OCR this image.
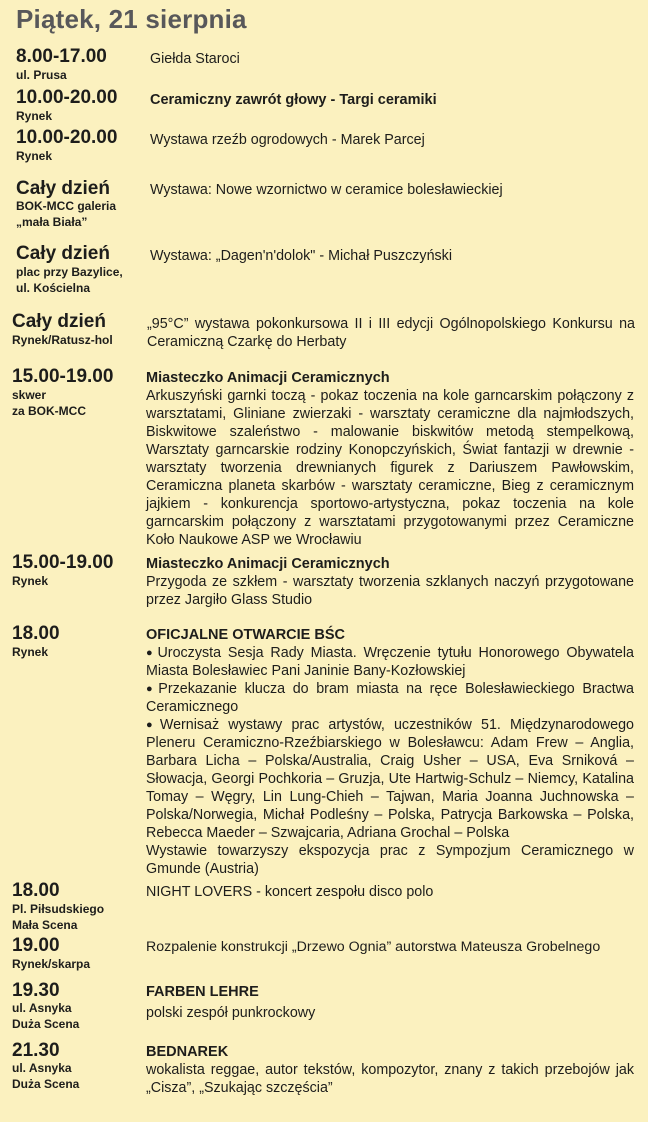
Piątek, 21 sierpnia
8.00-17.00
ul. Prusa
Giełda Staroci
10.00-20.00
Rynek
Ceramiczny zawrót głowy - Targi ceramiki
10.00-20.00
Rynek
Wystawa rzeźb ogrodowych - Marek Parcej
Cały dzień
BOK-MCC galeria
„mała Biała”
Wystawa: Nowe wzornictwo w ceramice bolesławieckiej
Cały dzień
plac przy Bazylice,
ul. Kościelna
Wystawa: „Dagen'n'dolok" - Michał Puszczyński
Cały dzień
Rynek/Ratusz-hol
„95°C” wystawa pokonkursowa II i III edycji Ogólnopolskiego Konkursu na Ceramiczną Czarkę do Herbaty
15.00-19.00
skwer
za BOK-MCC
Miasteczko Animacji Ceramicznych
Arkuszyński garnki toczą - pokaz toczenia na kole garncarskim połączony z warsztatami, Gliniane zwierzaki - warsztaty ceramiczne dla najmłodszych, Biskwitowe szaleństwo - malowanie biskwitów metodą stempelkową, Warsztaty garncarskie rodziny Konopczyńskich, Świat fantazji w drewnie - warsztaty tworzenia drewnianych figurek z Dariuszem Pawłowskim, Ceramiczna planeta skarbów - warsztaty ceramiczne, Bieg z ceramicznym jajkiem - konkurencja sportowo-artystyczna, pokaz toczenia na kole garncarskim połączony z warsztatami przygotowanymi przez Ceramiczne Koło Naukowe ASP we Wrocławiu
15.00-19.00
Rynek
Miasteczko Animacji Ceramicznych
Przygoda ze szkłem - warsztaty tworzenia szklanych naczyń przygotowane przez Jargiło Glass Studio
18.00
Rynek
OFICJALNE OTWARCIE BŚC
● Uroczysta Sesja Rady Miasta. Wręczenie tytułu Honorowego Obywatela Miasta Bolesławiec Pani Janinie Bany-Kozłowskiej
● Przekazanie klucza do bram miasta na ręce Bolesławieckiego Bractwa Ceramicznego
● Wernisaż wystawy prac artystów, uczestników 51. Międzynarodowego Pleneru Ceramiczno-Rzeźbiarskiego w Bolesławcu: Adam Frew – Anglia, Barbara Licha – Polska/Australia, Craig Usher – USA, Eva Srniková – Słowacja, Georgi Pochkoria – Gruzja, Ute Hartwig-Schulz – Niemcy, Katalina Tomay – Węgry, Lin Lung-Chieh – Tajwan, Maria Joanna Juchnowska – Polska/Norwegia, Michał Podleśny – Polska, Patrycja Barkowska – Polska, Rebecca Maeder – Szwajcaria, Adriana Grochal – Polska
Wystawie towarzyszy ekspozycja prac z Sympozjum Ceramicznego w Gmunde (Austria)
18.00
Pl. Piłsudskiego
Mała Scena
NIGHT LOVERS - koncert zespołu disco polo
19.00
Rynek/skarpa
Rozpalenie konstrukcji „Drzewo Ognia” autorstwa Mateusza Grobelnego
19.30
ul. Asnyka
Duża Scena
FARBEN LEHRE
polski zespół punkrockowy
21.30
ul. Asnyka
Duża Scena
BEDNAREK
wokalista reggae, autor tekstów, kompozytor, znany z takich przebojów jak „Cisza”, „Szukając szczęścia”
